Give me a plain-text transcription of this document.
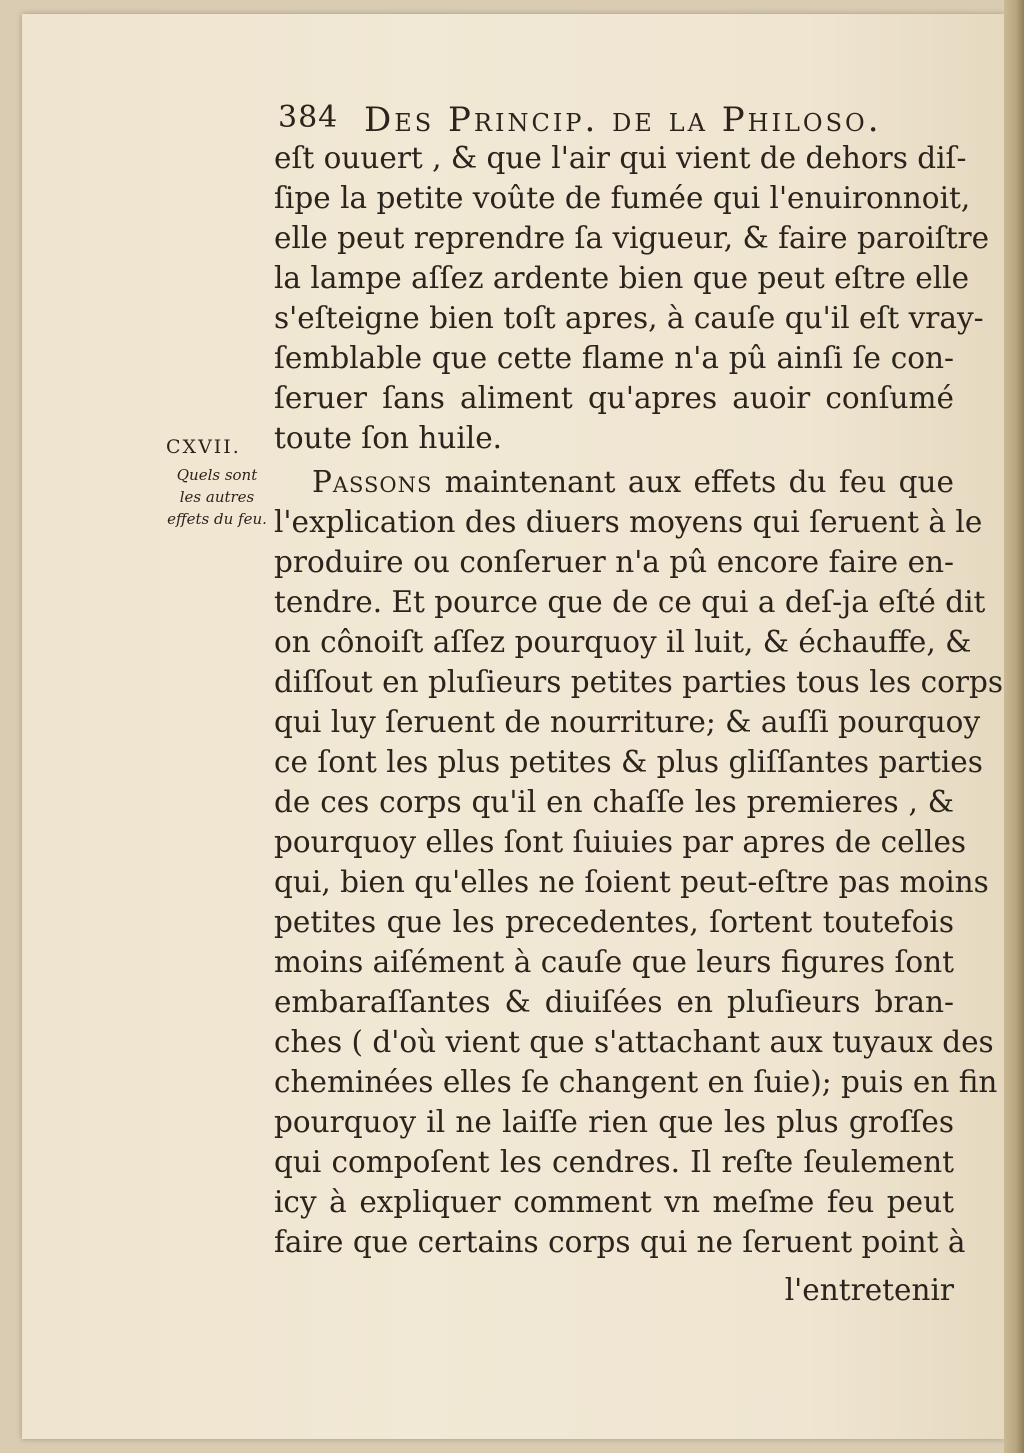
384 Des Princip. de la Philoso.
CXVII.
Quels sont
les autres
effets du feu.
eſt ouuert , & que l'air qui vient de dehors diſ-
ſipe la petite voûte de fumée qui l'enuironnoit,
elle peut reprendre ſa vigueur, & faire paroiſtre
la lampe aſſez ardente bien que peut eſtre elle
s'eſteigne bien toſt apres, à cauſe qu'il eſt vray-
ſemblable que cette flame n'a pû ainſi ſe con-
ſeruer ſans aliment qu'apres auoir conſumé
toute ſon huile.
Passons maintenant aux effets du feu que
l'explication des diuers moyens qui ſeruent à le
produire ou conſeruer n'a pû encore faire en-
tendre. Et pource que de ce qui a deſ-ja eſté dit
on cônoiſt aſſez pourquoy il luit, & échauffe, &
diſſout en pluſieurs petites parties tous les corps
qui luy ſeruent de nourriture; & auſſi pourquoy
ce ſont les plus petites & plus gliſſantes parties
de ces corps qu'il en chaſſe les premieres , &
pourquoy elles ſont ſuiuies par apres de celles
qui, bien qu'elles ne ſoient peut-eſtre pas moins
petites que les precedentes, ſortent toutefois
moins aiſément à cauſe que leurs figures ſont
embaraſſantes & diuiſées en pluſieurs bran-
ches ( d'où vient que s'attachant aux tuyaux des
cheminées elles ſe changent en ſuie); puis en fin
pourquoy il ne laiſſe rien que les plus groſſes
qui compoſent les cendres. Il reſte ſeulement
icy à expliquer comment vn meſme feu peut
faire que certains corps qui ne ſeruent point à
l'entretenir
